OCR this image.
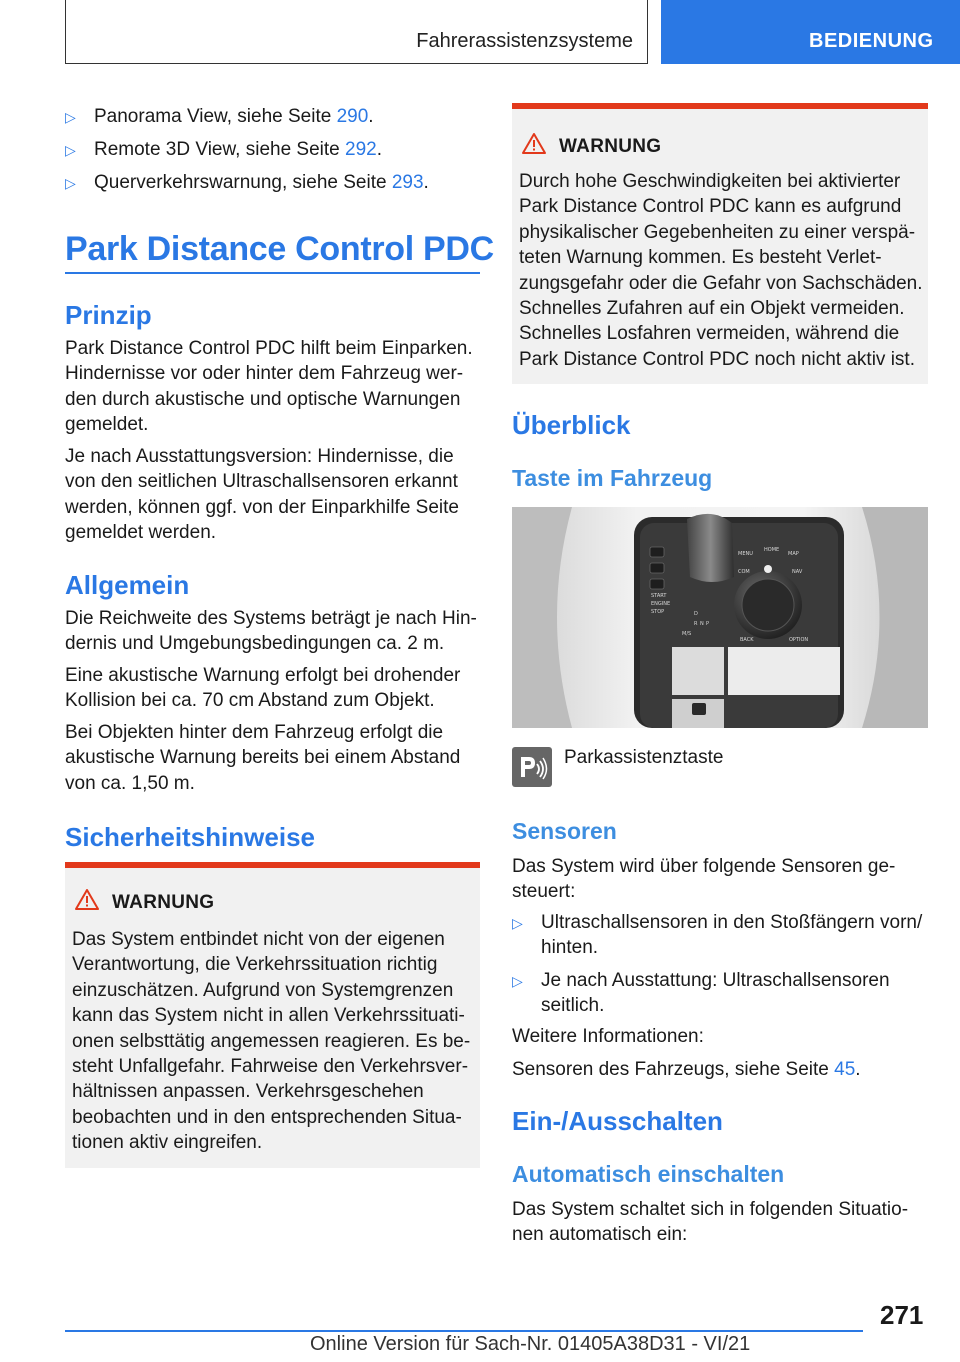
Fahrerassistenzsysteme	BEDIENUNG
▷ Panorama View, siehe Seite 290.
▷ Remote 3D View, siehe Seite 292.
▷ Querverkehrswarnung, siehe Seite 293.
Park Distance Control PDC
Prinzip
Park Distance Control PDC hilft beim Einparken.
Hindernisse vor oder hinter dem Fahrzeug wer-
den durch akustische und optische Warnungen
gemeldet.
Je nach Ausstattungsversion: Hindernisse, die
von den seitlichen Ultraschallsensoren erkannt
werden, können ggf. von der Einparkhilfe Seite
gemeldet werden.
Allgemein
Die Reichweite des Systems beträgt je nach Hin-
dernis und Umgebungsbedingungen ca. 2 m.
Eine akustische Warnung erfolgt bei drohender
Kollision bei ca. 70 cm Abstand zum Objekt.
Bei Objekten hinter dem Fahrzeug erfolgt die
akustische Warnung bereits bei einem Abstand
von ca. 1,50 m.
Sicherheitshinweise
WARNUNG
Das System entbindet nicht von der eigenen
Verantwortung, die Verkehrssituation richtig
einzuschätzen. Aufgrund von Systemgrenzen
kann das System nicht in allen Verkehrssituati-
onen selbsttätig angemessen reagieren. Es be-
steht Unfallgefahr. Fahrweise den Verkehrsver-
hältnissen anpassen. Verkehrsgeschehen
beobachten und in den entsprechenden Situa-
tionen aktiv eingreifen.
WARNUNG
Durch hohe Geschwindigkeiten bei aktivierter
Park Distance Control PDC kann es aufgrund
physikalischer Gegebenheiten zu einer verspä-
teten Warnung kommen. Es besteht Verlet-
zungsgefahr oder die Gefahr von Sachschäden.
Schnelles Zufahren auf ein Objekt vermeiden.
Schnelles Losfahren vermeiden, während die
Park Distance Control PDC noch nicht aktiv ist.
Überblick
Taste im Fahrzeug
MENU
HOME
MAP
COM	NAV
BACK	OPTION
START
ENGINE
STOP	D
R N P
M/S
Parkassistenztaste
Sensoren
Das System wird über folgende Sensoren ge-
steuert:
▷ Ultraschallsensoren in den Stoßfängern vorn/
hinten.
▷ Je nach Ausstattung: Ultraschallsensoren
seitlich.
Weitere Informationen:
Sensoren des Fahrzeugs, siehe Seite 45.
Ein-/Ausschalten
Automatisch einschalten
Das System schaltet sich in folgenden Situatio-
nen automatisch ein:
271
Online Version für Sach-Nr. 01405A38D31 - VI/21
